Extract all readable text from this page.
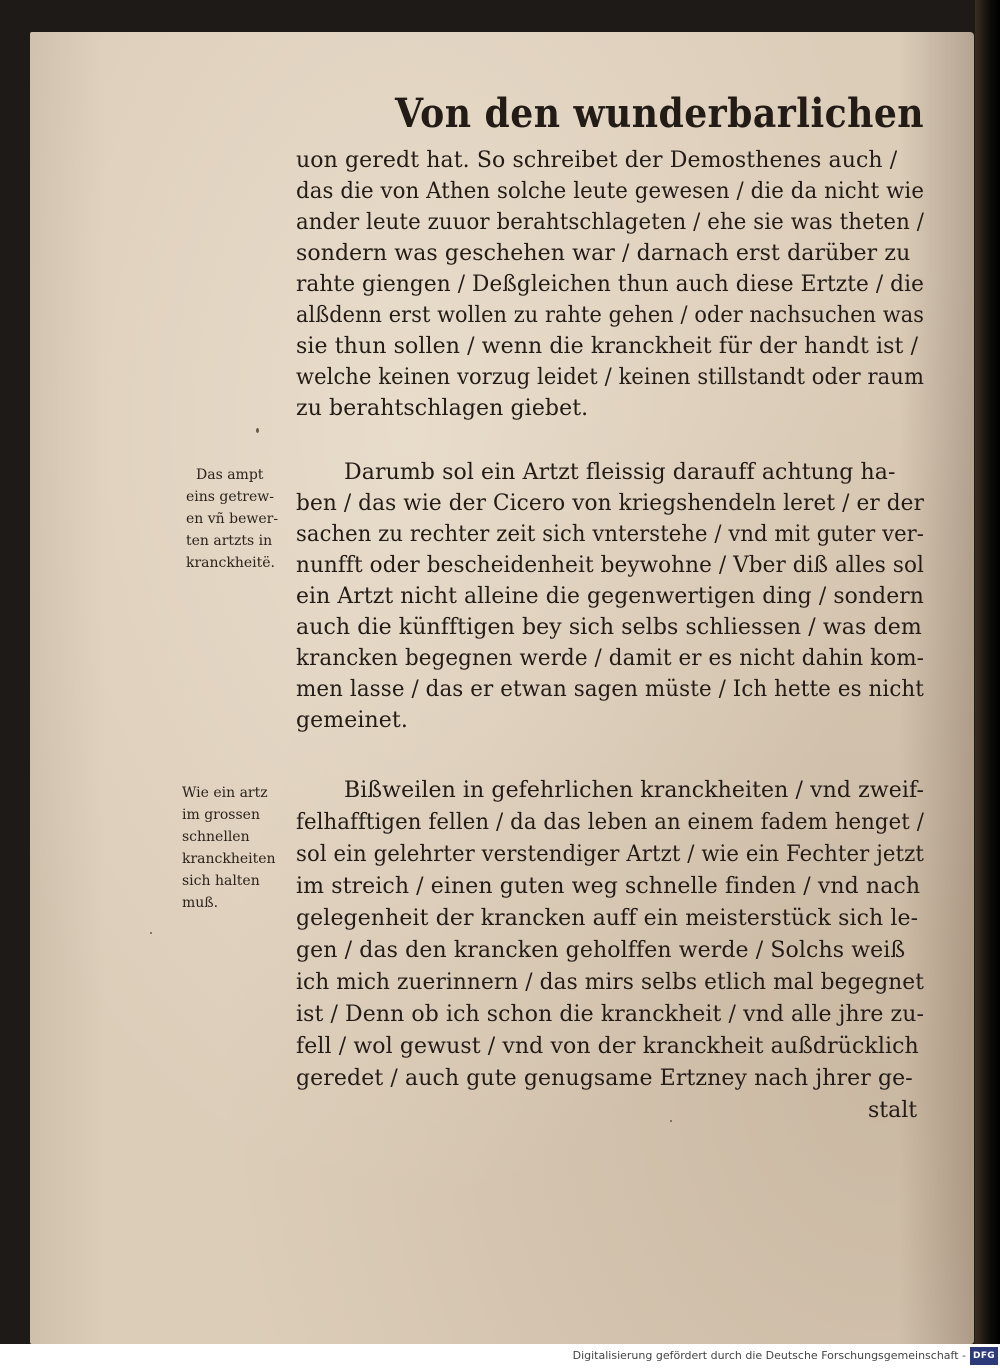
Von den wunderbarlichen

uon geredt hat. So schreibet der Demosthenes auch /

das die von Athen solche leute gewesen / die da nicht wie

ander leute zuuor berahtschlageten / ehe sie was theten /

sondern was geschehen war / darnach erst darüber zu

rahte giengen / Deßgleichen thun auch diese Ertzte / die

alßdenn erst wollen zu rahte gehen / oder nachsuchen was

sie thun sollen / wenn die kranckheit für der handt ist /

welche keinen vorzug leidet / keinen stillstandt oder raum

zu berahtschlagen giebet.

Das ampt

eins getrew-

en vñ bewer-

ten artzts in

kranckheitë.

Darumb sol ein Artzt fleissig darauff achtung ha-

ben / das wie der Cicero von kriegshendeln leret / er der

sachen zu rechter zeit sich vnterstehe / vnd mit guter ver-

nunfft oder bescheidenheit beywohne / Vber diß alles sol

ein Artzt nicht alleine die gegenwertigen ding / sondern

auch die künfftigen bey sich selbs schliessen / was dem

krancken begegnen werde / damit er es nicht dahin kom-

men lasse / das er etwan sagen müste / Ich hette es nicht

gemeinet.

Wie ein artz

im grossen

schnellen

kranckheiten

sich halten

muß.

Bißweilen in gefehrlichen kranckheiten / vnd zweif-

felhafftigen fellen / da das leben an einem fadem henget /

sol ein gelehrter verstendiger Artzt / wie ein Fechter jetzt

im streich / einen guten weg schnelle finden / vnd nach

gelegenheit der krancken auff ein meisterstück sich le-

gen / das den krancken geholffen werde / Solchs weiß

ich mich zuerinnern / das mirs selbs etlich mal begegnet

ist / Denn ob ich schon die kranckheit / vnd alle jhre zu-

fell / wol gewust / vnd von der kranckheit außdrücklich

geredet / auch gute genugsame Ertzney nach jhrer ge-

stalt

Digitalisierung gefördert durch die Deutsche Forschungsgemeinschaft - DFG
